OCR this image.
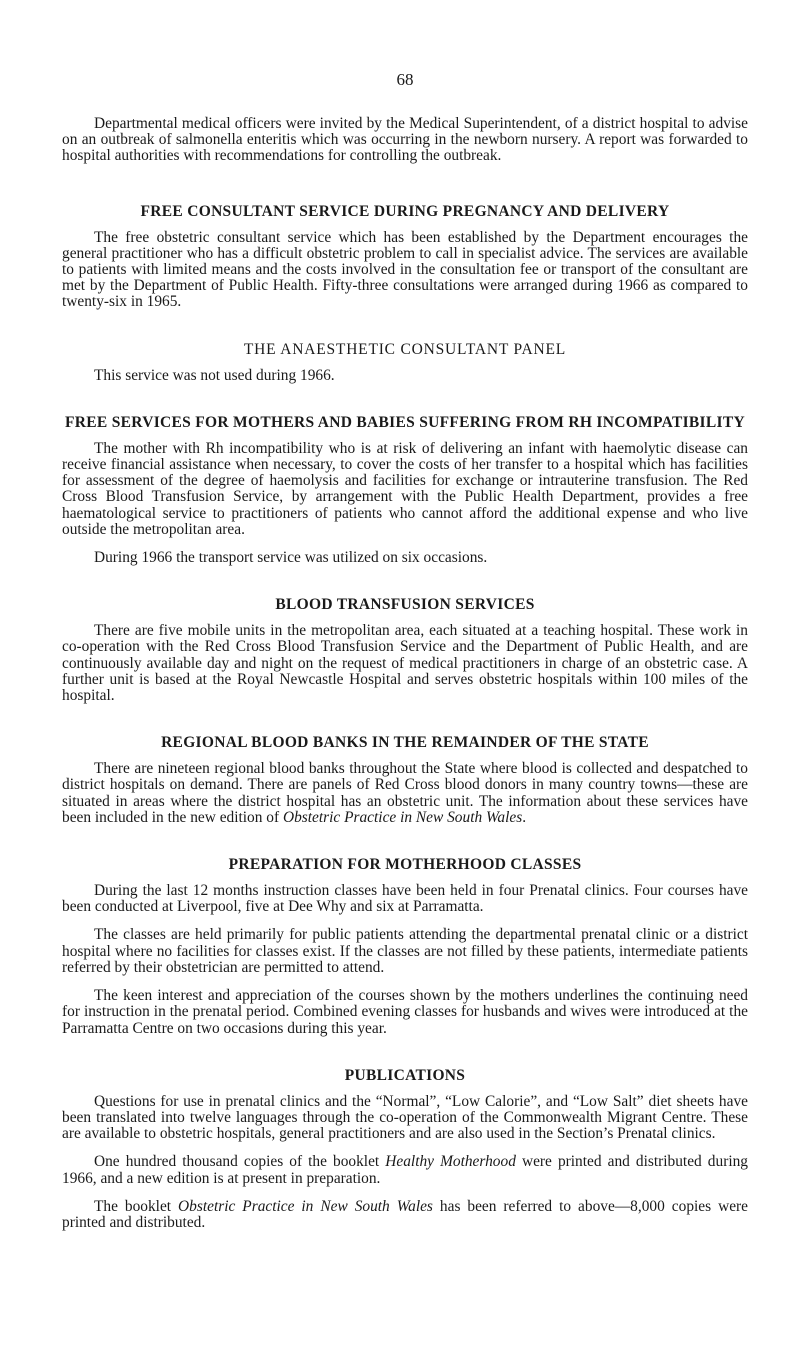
68

Departmental medical officers were invited by the Medical Superintendent, of a district hospital to advise on an outbreak of salmonella enteritis which was occurring in the newborn nursery. A report was forwarded to hospital authorities with recommendations for controlling the outbreak.

FREE CONSULTANT SERVICE DURING PREGNANCY AND DELIVERY

The free obstetric consultant service which has been established by the Department encourages the general practitioner who has a difficult obstetric problem to call in specialist advice. The services are available to patients with limited means and the costs involved in the consultation fee or transport of the consultant are met by the Department of Public Health. Fifty-three consultations were arranged during 1966 as compared to twenty-six in 1965.

THE ANAESTHETIC CONSULTANT PANEL

This service was not used during 1966.

FREE SERVICES FOR MOTHERS AND BABIES SUFFERING FROM RH INCOMPATIBILITY

The mother with Rh incompatibility who is at risk of delivering an infant with haemolytic disease can receive financial assistance when necessary, to cover the costs of her transfer to a hospital which has facilities for assessment of the degree of haemolysis and facilities for exchange or intrauterine transfusion. The Red Cross Blood Transfusion Service, by arrangement with the Public Health Department, provides a free haematological service to practitioners of patients who cannot afford the additional expense and who live outside the metropolitan area.

During 1966 the transport service was utilized on six occasions.

BLOOD TRANSFUSION SERVICES

There are five mobile units in the metropolitan area, each situated at a teaching hospital. These work in co-operation with the Red Cross Blood Transfusion Service and the Department of Public Health, and are continuously available day and night on the request of medical practitioners in charge of an obstetric case. A further unit is based at the Royal Newcastle Hospital and serves obstetric hospitals within 100 miles of the hospital.

REGIONAL BLOOD BANKS IN THE REMAINDER OF THE STATE

There are nineteen regional blood banks throughout the State where blood is collected and despatched to district hospitals on demand. There are panels of Red Cross blood donors in many country towns—these are situated in areas where the district hospital has an obstetric unit. The information about these services have been included in the new edition of Obstetric Practice in New South Wales.

PREPARATION FOR MOTHERHOOD CLASSES

During the last 12 months instruction classes have been held in four Prenatal clinics. Four courses have been conducted at Liverpool, five at Dee Why and six at Parramatta.

The classes are held primarily for public patients attending the departmental prenatal clinic or a district hospital where no facilities for classes exist. If the classes are not filled by these patients, intermediate patients referred by their obstetrician are permitted to attend.

The keen interest and appreciation of the courses shown by the mothers underlines the continuing need for instruction in the prenatal period. Combined evening classes for husbands and wives were introduced at the Parramatta Centre on two occasions during this year.

PUBLICATIONS

Questions for use in prenatal clinics and the “Normal”, “Low Calorie”, and “Low Salt” diet sheets have been translated into twelve languages through the co-operation of the Commonwealth Migrant Centre. These are available to obstetric hospitals, general practitioners and are also used in the Section’s Prenatal clinics.

One hundred thousand copies of the booklet Healthy Motherhood were printed and distributed during 1966, and a new edition is at present in preparation.

The booklet Obstetric Practice in New South Wales has been referred to above—8,000 copies were printed and distributed.
